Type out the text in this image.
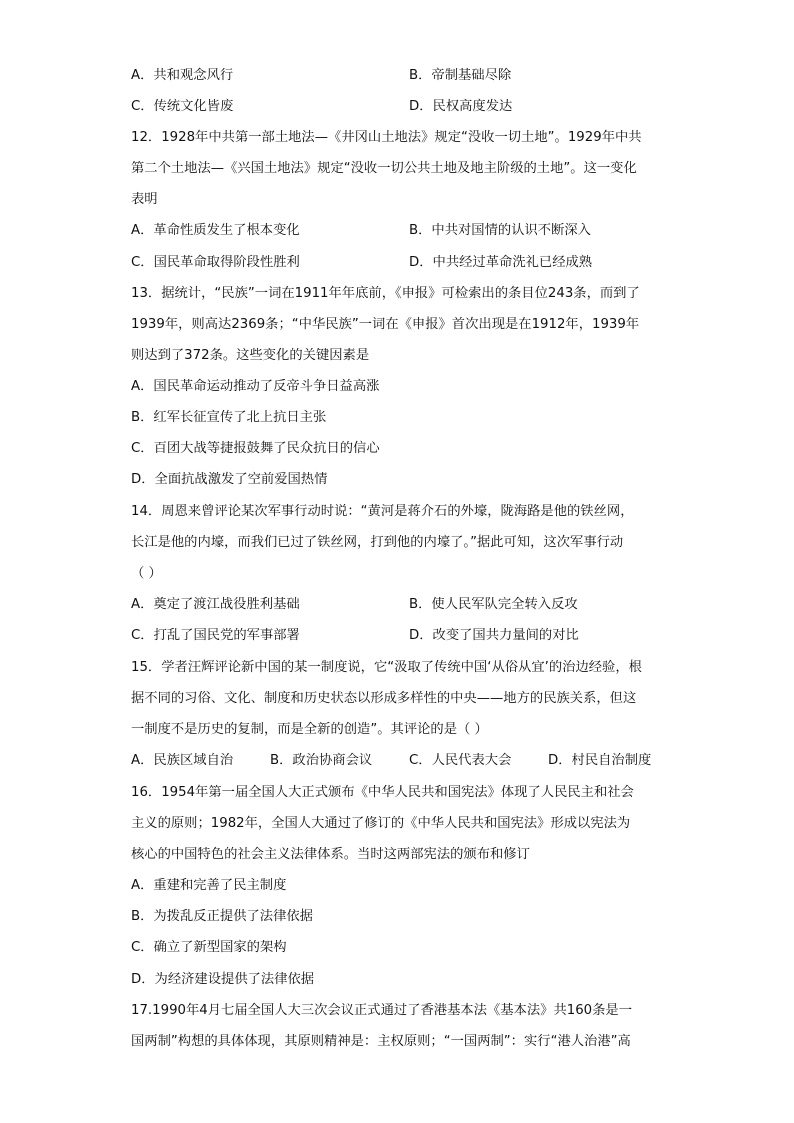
A．共和观念风行	B．帝制基础尽除
C．传统文化皆废	D．民权高度发达
12．1928年中共第一部土地法—《井冈山土地法》规定“没收一切土地”。1929年中共
第二个土地法—《兴国土地法》规定“没收一切公共土地及地主阶级的土地”。这一变化
表明
A．革命性质发生了根本变化	B．中共对国情的认识不断深入
C．国民革命取得阶段性胜利	D．中共经过革命洗礼已经成熟
13．据统计，“民族”一词在1911年年底前，《申报》可检索出的条目位243条，而到了
1939年，则高达2369条；“中华民族”一词在《申报》首次出现是在1912年，1939年
则达到了372条。这些变化的关键因素是
A．国民革命运动推动了反帝斗争日益高涨
B．红军长征宣传了北上抗日主张
C．百团大战等捷报鼓舞了民众抗日的信心
D．全面抗战激发了空前爱国热情
14．周恩来曾评论某次军事行动时说：“黄河是蒋介石的外壕，陇海路是他的铁丝网，
长江是他的内壕，而我们已过了铁丝网，打到他的内壕了。”据此可知，这次军事行动
（ ）
A．奠定了渡江战役胜利基础	B．使人民军队完全转入反攻
C．打乱了国民党的军事部署	D．改变了国共力量间的对比
15．学者汪辉评论新中国的某一制度说，它“汲取了传统中国‘从俗从宜’的治边经验，根
据不同的习俗、文化、制度和历史状态以形成多样性的中央——地方的民族关系，但这
一制度不是历史的复制，而是全新的创造”。其评论的是（ ）
A．民族区域自治	B．政治协商会议	C．人民代表大会	D．村民自治制度
16．1954年第一届全国人大正式颁布《中华人民共和国宪法》体现了人民民主和社会
主义的原则；1982年，全国人大通过了修订的《中华人民共和国宪法》形成以宪法为
核心的中国特色的社会主义法律体系。当时这两部宪法的颁布和修订
A．重建和完善了民主制度
B．为拨乱反正提供了法律依据
C．确立了新型国家的架构
D．为经济建设提供了法律依据
17.1990年4月七届全国人大三次会议正式通过了香港基本法《基本法》共160条是一
国两制”构想的具体体现，其原则精神是：主权原则；“一国两制”：实行“港人治港”高
